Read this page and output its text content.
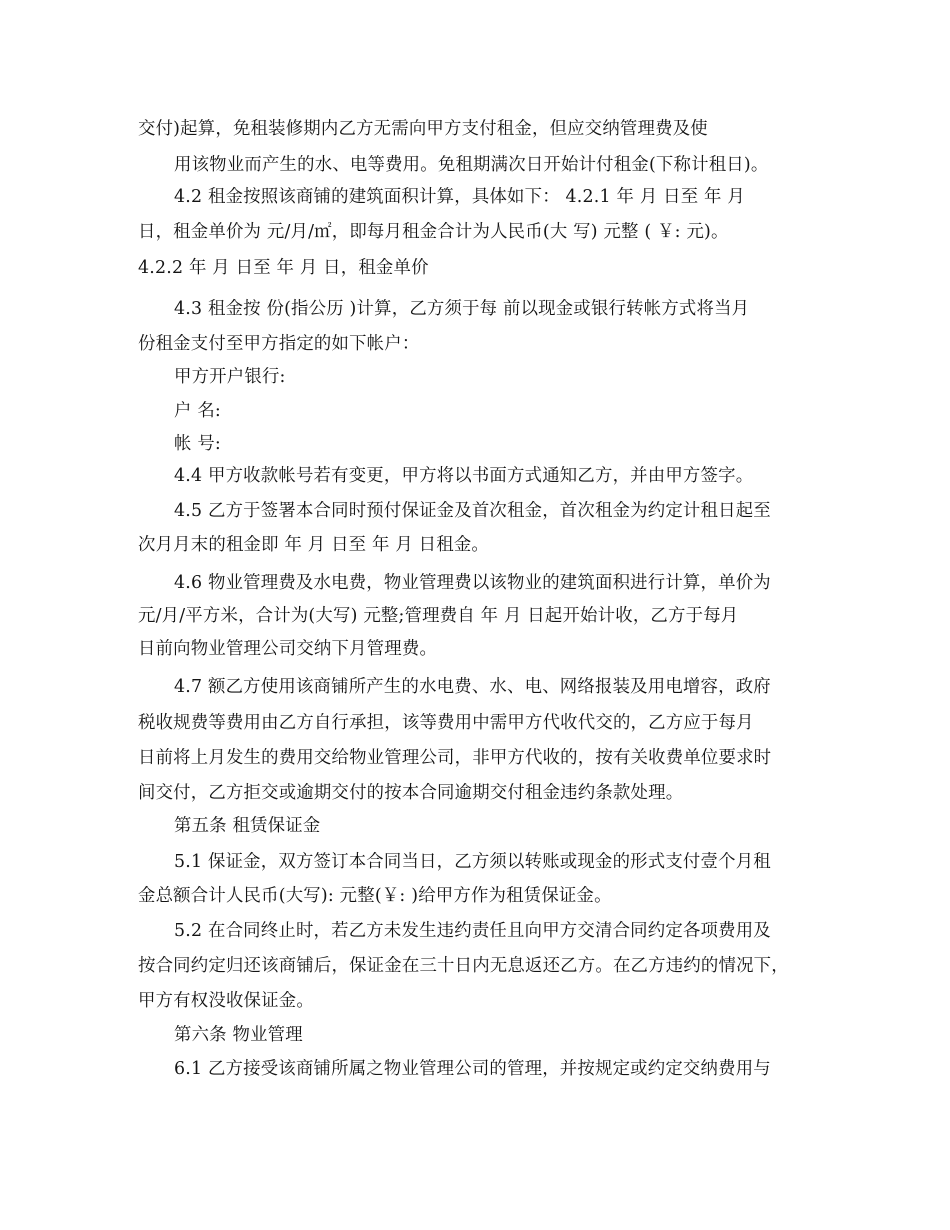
交付)起算，免租装修期内乙方无需向甲方支付租金，但应交纳管理费及使
用该物业而产生的水、电等费用。免租期满次日开始计付租金(下称计租日)。
4.2 租金按照该商铺的建筑面积计算，具体如下： 4.2.1 年 月 日至 年 月
日，租金单价为 元/月/㎡，即每月租金合计为人民币(大 写) 元整 ( ￥: 元)。
4.2.2 年 月 日至 年 月 日，租金单价
4.3 租金按 份(指公历 )计算，乙方须于每 前以现金或银行转帐方式将当月
份租金支付至甲方指定的如下帐户：
甲方开户银行:
户 名:
帐 号:
4.4 甲方收款帐号若有变更，甲方将以书面方式通知乙方，并由甲方签字。
4.5 乙方于签署本合同时预付保证金及首次租金，首次租金为约定计租日起至
次月月末的租金即 年 月 日至 年 月 日租金。
4.6 物业管理费及水电费，物业管理费以该物业的建筑面积进行计算，单价为
元/月/平方米，合计为(大写) 元整;管理费自 年 月 日起开始计收，乙方于每月
日前向物业管理公司交纳下月管理费。
4.7 额乙方使用该商铺所产生的水电费、水、电、网络报装及用电增容，政府
税收规费等费用由乙方自行承担，该等费用中需甲方代收代交的，乙方应于每月
日前将上月发生的费用交给物业管理公司，非甲方代收的，按有关收费单位要求时
间交付，乙方拒交或逾期交付的按本合同逾期交付租金违约条款处理。
第五条 租赁保证金
5.1 保证金，双方签订本合同当日，乙方须以转账或现金的形式支付壹个月租
金总额合计人民币(大写): 元整(￥: )给甲方作为租赁保证金。
5.2 在合同终止时，若乙方未发生违约责任且向甲方交清合同约定各项费用及
按合同约定归还该商铺后，保证金在三十日内无息返还乙方。在乙方违约的情况下，
甲方有权没收保证金。
第六条 物业管理
6.1 乙方接受该商铺所属之物业管理公司的管理，并按规定或约定交纳费用与
